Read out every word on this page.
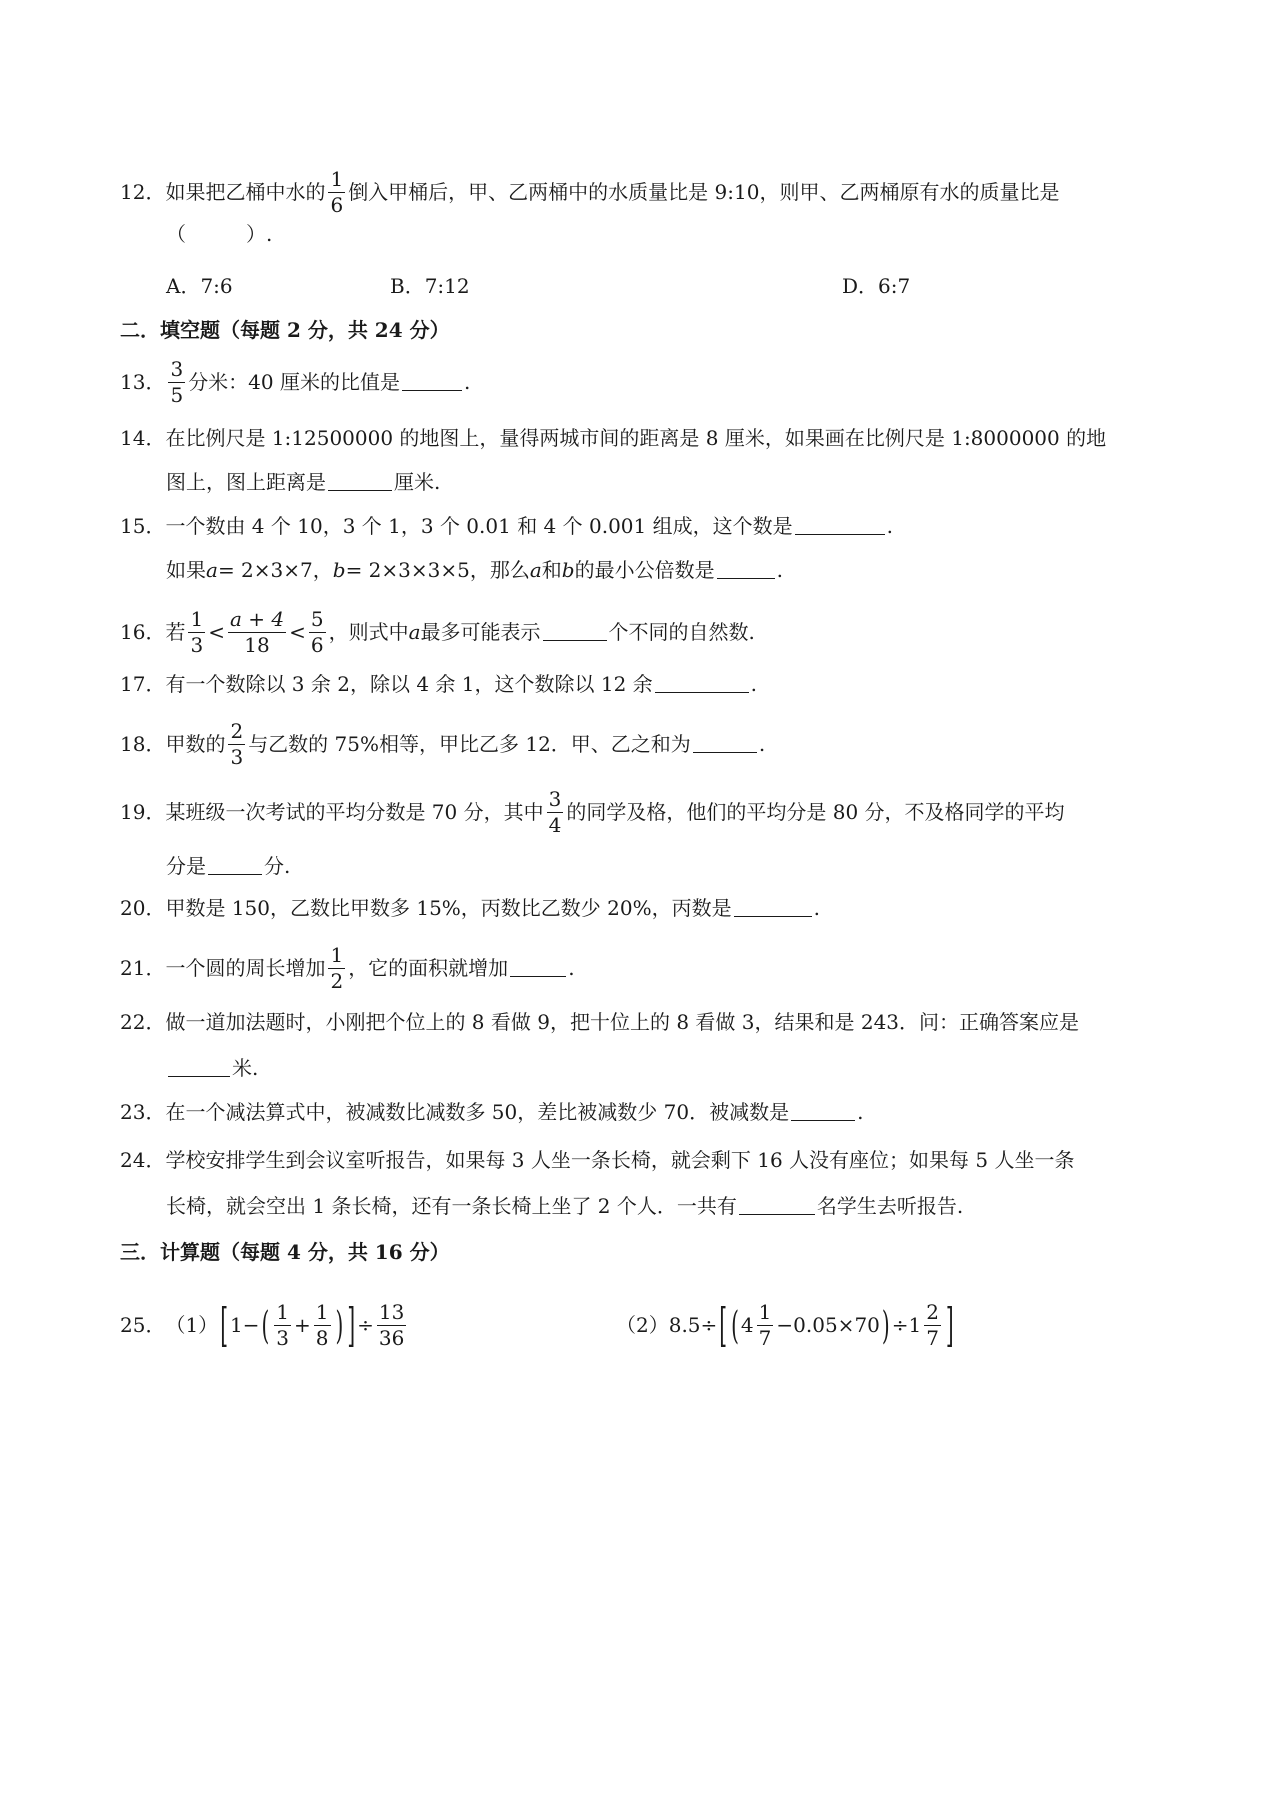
12． 如果把乙桶中水的 $\frac{1}{6}$ 倒入甲桶后，甲、乙两桶中的水质量比是 9:10，则甲、乙两桶原有水的质量比是
（　　　）.
A．7:6	B．7:12	D．6:7
二．填空题（每题 2 分，共 24 分）
13． $\frac{3}{5}$ 分米：40 厘米的比值是	.
14． 在比例尺是 1:12500000 的地图上，量得两城市间的距离是 8 厘米，如果画在比例尺是 1:8000000 的地
图上，图上距离是	厘米.
15． 一个数由 4 个 10，3 个 1，3 个 0.01 和 4 个 0.001 组成，这个数是	.
如果 a = 2×3×7， b = 2×3×3×5，那么 a 和 b 的最小公倍数是	.
16． 若 $\frac{1}{3} < \frac{a + 4}{18} < \frac{5}{6}$ ，则式中 a 最多可能表示	个不同的自然数.
17． 有一个数除以 3 余 2，除以 4 余 1，这个数除以 12 余	.
18． 甲数的 $\frac{2}{3}$ 与乙数的 75%相等，甲比乙多 12．甲、乙之和为	.
19． 某班级一次考试的平均分数是 70 分，其中 $\frac{3}{4}$ 的同学及格，他们的平均分是 80 分，不及格同学的平均
分是	分.
20． 甲数是 150，乙数比甲数多 15%，丙数比乙数少 20%，丙数是	.
21． 一个圆的周长增加 $\frac{1}{2}$ ，它的面积就增加	.
22． 做一道加法题时，小刚把个位上的 8 看做 9，把十位上的 8 看做 3，结果和是 243．问：正确答案应是
米.
23． 在一个减法算式中，被减数比减数多 50，差比被减数少 70．被减数是	.
24． 学校安排学生到会议室听报告，如果每 3 人坐一条长椅，就会剩下 16 人没有座位；如果每 5 人坐一条
长椅，就会空出 1 条长椅，还有一条长椅上坐了 2 个人．一共有	名学生去听报告.
三．计算题（每题 4 分，共 16 分）
25． （1） [ 1− ( $\frac{1}{3} + \frac{1}{8}$ ) ] ÷ $\frac{13}{36}$	（2）8.5÷ [ ( $4 \frac{1}{7} -0.05\times 70$ ) $\div 1 \frac{2}{7}$ ]
